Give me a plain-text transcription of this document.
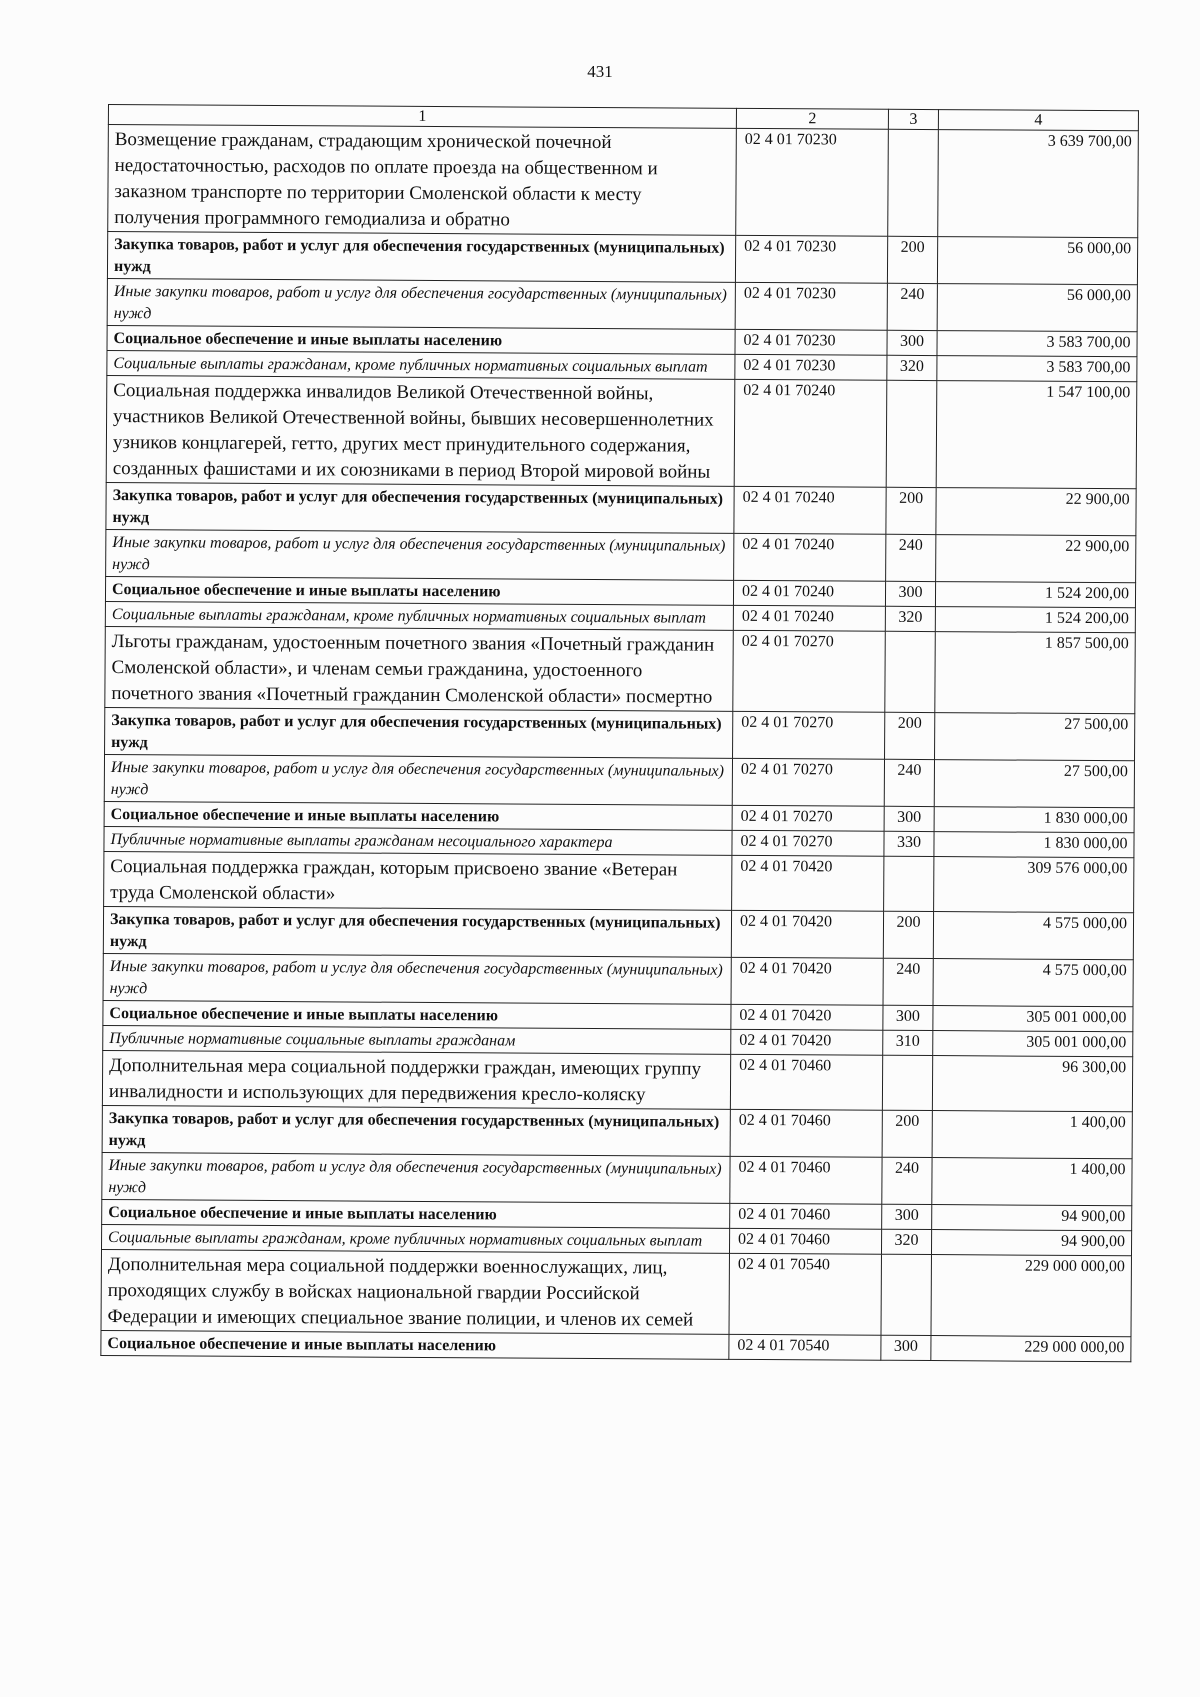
431
1	2	3	4
Возмещение гражданам, страдающим хронической почечной недостаточностью, расходов по оплате проезда на общественном и заказном транспорте по территории Смоленской области к месту получения программного гемодиализа и обратно	02 4 01 70230		3 639 700,00
Закупка товаров, работ и услуг для обеспечения государственных (муниципальных) нужд	02 4 01 70230	200	56 000,00
Иные закупки товаров, работ и услуг для обеспечения государственных (муниципальных) нужд	02 4 01 70230	240	56 000,00
Социальное обеспечение и иные выплаты населению	02 4 01 70230	300	3 583 700,00
Социальные выплаты гражданам, кроме публичных нормативных социальных выплат	02 4 01 70230	320	3 583 700,00
Социальная поддержка инвалидов Великой Отечественной войны, участников Великой Отечественной войны, бывших несовершеннолетних узников концлагерей, гетто, других мест принудительного содержания, созданных фашистами и их союзниками в период Второй мировой войны	02 4 01 70240		1 547 100,00
Закупка товаров, работ и услуг для обеспечения государственных (муниципальных) нужд	02 4 01 70240	200	22 900,00
Иные закупки товаров, работ и услуг для обеспечения государственных (муниципальных) нужд	02 4 01 70240	240	22 900,00
Социальное обеспечение и иные выплаты населению	02 4 01 70240	300	1 524 200,00
Социальные выплаты гражданам, кроме публичных нормативных социальных выплат	02 4 01 70240	320	1 524 200,00
Льготы гражданам, удостоенным почетного звания «Почетный гражданин Смоленской области», и членам семьи гражданина, удостоенного почетного звания «Почетный гражданин Смоленской области» посмертно	02 4 01 70270		1 857 500,00
Закупка товаров, работ и услуг для обеспечения государственных (муниципальных) нужд	02 4 01 70270	200	27 500,00
Иные закупки товаров, работ и услуг для обеспечения государственных (муниципальных) нужд	02 4 01 70270	240	27 500,00
Социальное обеспечение и иные выплаты населению	02 4 01 70270	300	1 830 000,00
Публичные нормативные выплаты гражданам несоциального характера	02 4 01 70270	330	1 830 000,00
Социальная поддержка граждан, которым присвоено звание «Ветеран труда Смоленской области»	02 4 01 70420		309 576 000,00
Закупка товаров, работ и услуг для обеспечения государственных (муниципальных) нужд	02 4 01 70420	200	4 575 000,00
Иные закупки товаров, работ и услуг для обеспечения государственных (муниципальных) нужд	02 4 01 70420	240	4 575 000,00
Социальное обеспечение и иные выплаты населению	02 4 01 70420	300	305 001 000,00
Публичные нормативные социальные выплаты гражданам	02 4 01 70420	310	305 001 000,00
Дополнительная мера социальной поддержки граждан, имеющих группу инвалидности и использующих для передвижения кресло-коляску	02 4 01 70460		96 300,00
Закупка товаров, работ и услуг для обеспечения государственных (муниципальных) нужд	02 4 01 70460	200	1 400,00
Иные закупки товаров, работ и услуг для обеспечения государственных (муниципальных) нужд	02 4 01 70460	240	1 400,00
Социальное обеспечение и иные выплаты населению	02 4 01 70460	300	94 900,00
Социальные выплаты гражданам, кроме публичных нормативных социальных выплат	02 4 01 70460	320	94 900,00
Дополнительная мера социальной поддержки военнослужащих, лиц, проходящих службу в войсках национальной гвардии Российской Федерации и имеющих специальное звание полиции, и членов их семей	02 4 01 70540		229 000 000,00
Социальное обеспечение и иные выплаты населению	02 4 01 70540	300	229 000 000,00
